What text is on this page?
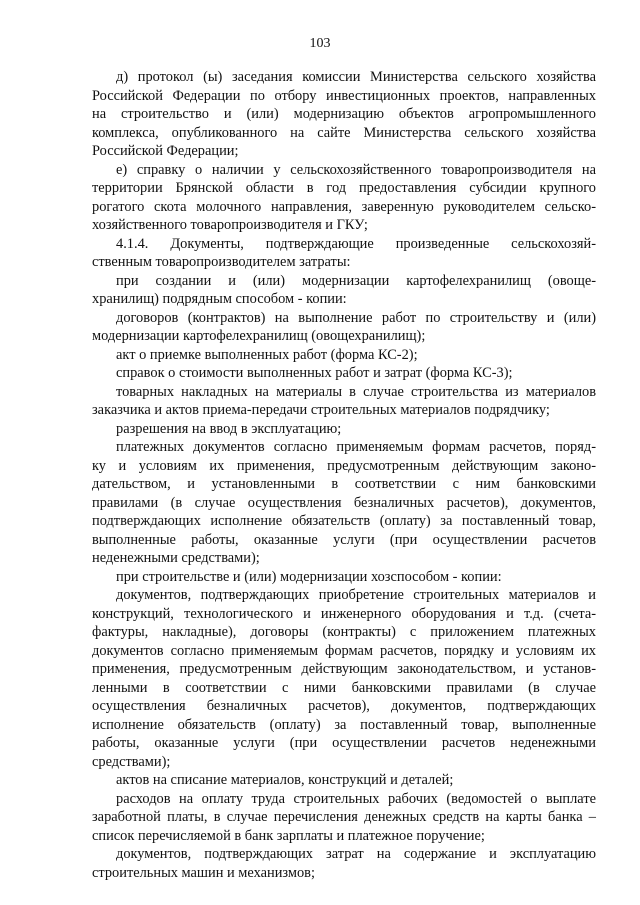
103
д) протокол (ы) заседания комиссии Министерства сельского хозяйства
Российской Федерации по отбору инвестиционных проектов, направленных
на строительство и (или) модернизацию объектов агропромышленного
комплекса, опубликованного на сайте Министерства сельского хозяйства
Российской Федерации;
е) справку о наличии у сельскохозяйственного товаропроизводителя на
территории Брянской области в год предоставления субсидии крупного
рогатого скота молочного направления, заверенную руководителем сельско-
хозяйственного товаропроизводителя и ГКУ;
4.1.4. Документы, подтверждающие произведенные сельскохозяй-
ственным товаропроизводителем затраты:
при создании и (или) модернизации картофелехранилищ (овоще-
хранилищ) подрядным способом - копии:
договоров (контрактов) на выполнение работ по строительству и (или)
модернизации картофелехранилищ (овощехранилищ);
акт о приемке выполненных работ (форма КС-2);
справок о стоимости выполненных работ и затрат (форма КС-3);
товарных накладных на материалы в случае строительства из материалов
заказчика и актов приема-передачи строительных материалов подрядчику;
разрешения на ввод в эксплуатацию;
платежных документов согласно применяемым формам расчетов, поряд-
ку и условиям их применения, предусмотренным действующим законо-
дательством, и установленными в соответствии с ним банковскими
правилами (в случае осуществления безналичных расчетов), документов,
подтверждающих исполнение обязательств (оплату) за поставленный товар,
выполненные работы, оказанные услуги (при осуществлении расчетов
неденежными средствами);
при строительстве и (или) модернизации хозспособом - копии:
документов, подтверждающих приобретение строительных материалов и
конструкций, технологического и инженерного оборудования и т.д. (счета-
фактуры, накладные), договоры (контракты) с приложением платежных
документов согласно применяемым формам расчетов, порядку и условиям их
применения, предусмотренным действующим законодательством, и установ-
ленными в соответствии с ними банковскими правилами (в случае
осуществления безналичных расчетов), документов, подтверждающих
исполнение обязательств (оплату) за поставленный товар, выполненные
работы, оказанные услуги (при осуществлении расчетов неденежными
средствами);
актов на списание материалов, конструкций и деталей;
расходов на оплату труда строительных рабочих (ведомостей о выплате
заработной платы, в случае перечисления денежных средств на карты банка –
список перечисляемой в банк зарплаты и платежное поручение;
документов, подтверждающих затрат на содержание и эксплуатацию
строительных машин и механизмов;
